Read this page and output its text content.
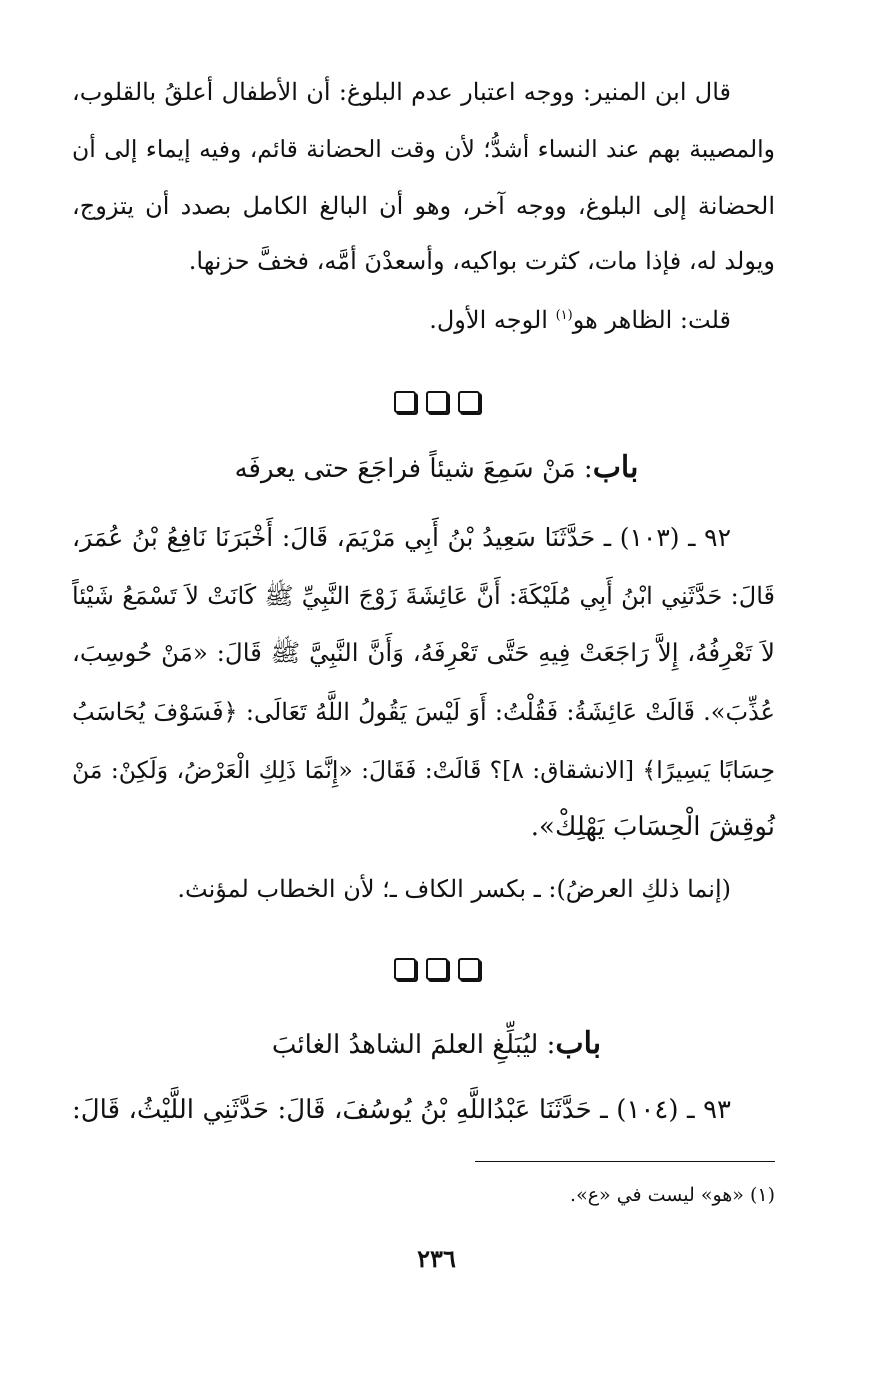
قال ابن المنير: ووجه اعتبار عدم البلوغ: أن الأطفال أعلقُ بالقلوب،
والمصيبة بهم عند النساء أشدُّ؛ لأن وقت الحضانة قائم، وفيه إيماء إلى أن
الحضانة إلى البلوغ، ووجه آخر، وهو أن البالغ الكامل بصدد أن يتزوج،
ويولد له، فإذا مات، كثرت بواكيه، وأسعدْنَ أمَّه، فخفَّ حزنها.
قلت: الظاهر هو$^{(١)}$ الوجه الأول.
باب: مَنْ سَمِعَ شيئاً فراجَعَ حتى يعرفَه
٩٢ ـ (١٠٣) ـ حَدَّثَنَا سَعِيدُ بْنُ أَبِي مَرْيَمَ، قَالَ: أَخْبَرَنَا نَافِعُ بْنُ عُمَرَ،
قَالَ: حَدَّثَنِي ابْنُ أَبِي مُلَيْكَةَ: أَنَّ عَائِشَةَ زَوْجَ النَّبِيِّ ﷺ كَانَتْ لاَ تَسْمَعُ شَيْئاً
لاَ تَعْرِفُهُ، إِلاَّ رَاجَعَتْ فِيهِ حَتَّى تَعْرِفَهُ، وَأَنَّ النَّبِيَّ ﷺ قَالَ: «مَنْ حُوسِبَ،
عُذِّبَ». قَالَتْ عَائِشَةُ: فَقُلْتُ: أَوَ لَيْسَ يَقُولُ اللَّهُ تَعَالَى: ﴿فَسَوْفَ يُحَاسَبُ
حِسَابًا يَسِيرًا﴾ [الانشقاق: ٨]؟ قَالَتْ: فَقَالَ: «إِنَّمَا ذَلِكِ الْعَرْضُ، وَلَكِنْ: مَنْ
نُوقِشَ الْحِسَابَ يَهْلِكْ».
(إنما ذلكِ العرضُ): ـ بكسر الكاف ـ؛ لأن الخطاب لمؤنث.
باب: ليُبَلِّغِ العلمَ الشاهدُ الغائبَ
٩٣ ـ (١٠٤) ـ حَدَّثَنَا عَبْدُاللَّهِ بْنُ يُوسُفَ، قَالَ: حَدَّثَنِي اللَّيْثُ، قَالَ:
(١) «هو» ليست في «ع».
٢٣٦
